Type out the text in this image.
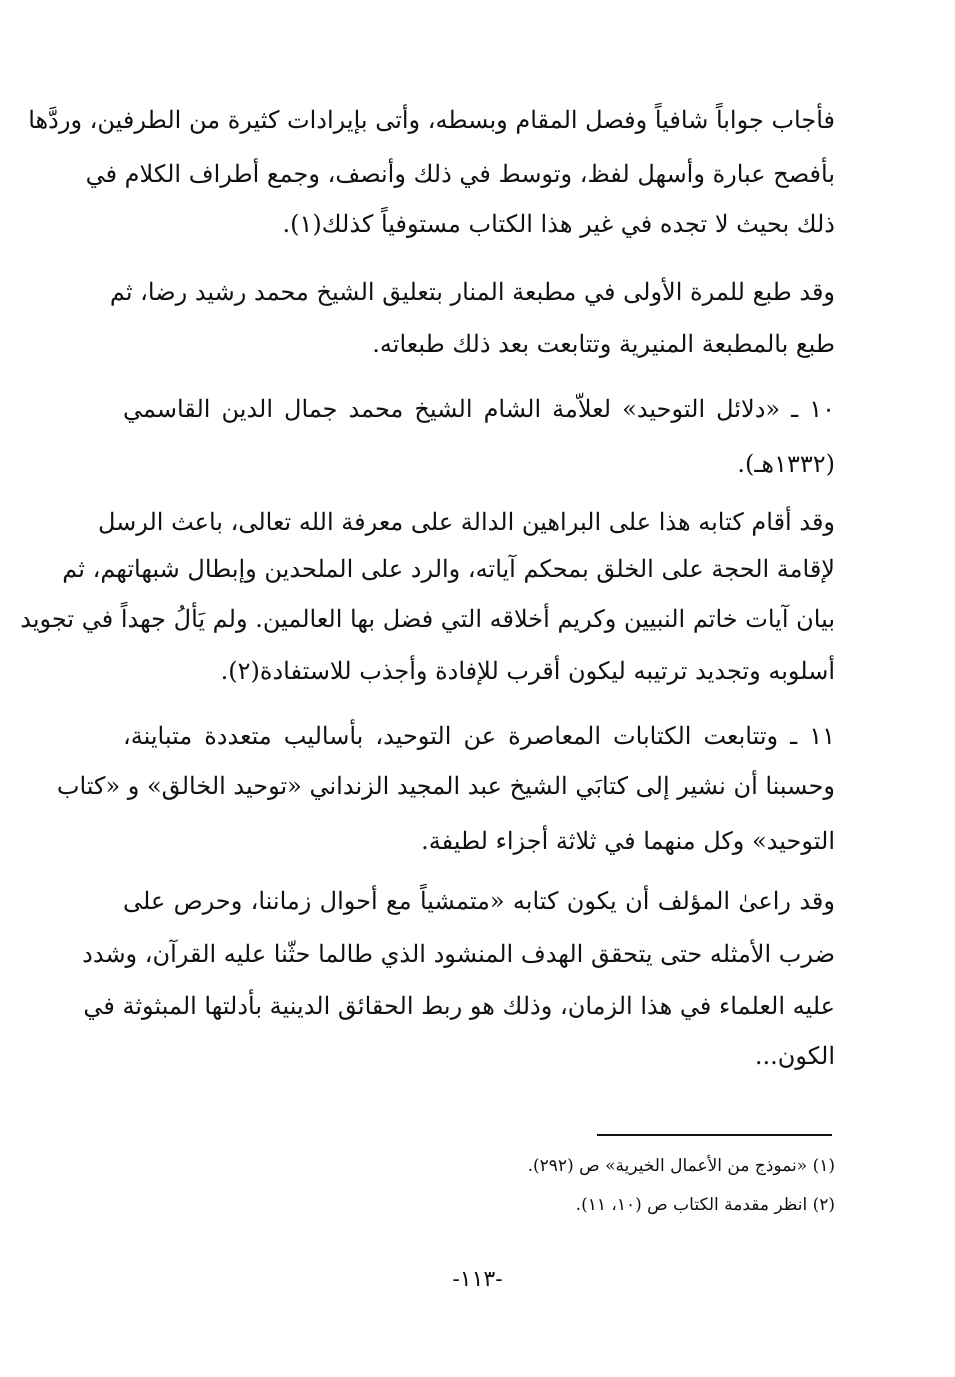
فأجاب جواباً شافياً وفصل المقام وبسطه، وأتى بإيرادات كثيرة من الطرفين، وردَّها
بأفصح عبارة وأسهل لفظ، وتوسط في ذلك وأنصف، وجمع أطراف الكلام في
ذلك بحيث لا تجده في غير هذا الكتاب مستوفياً كذلك(١).
وقد طبع للمرة الأولى في مطبعة المنار بتعليق الشيخ محمد رشيد رضا، ثم
طبع بالمطبعة المنيرية وتتابعت بعد ذلك طبعاته.
١٠ ـ «دلائل التوحيد» لعلاّمة الشام الشيخ محمد جمال الدين القاسمي
(١٣٣٢هـ).
وقد أقام كتابه هذا على البراهين الدالة على معرفة الله تعالى، باعث الرسل
لإقامة الحجة على الخلق بمحكم آياته، والرد على الملحدين وإبطال شبهاتهم، ثم
بيان آيات خاتم النبيين وكريم أخلاقه التي فضل بها العالمين. ولم يَألُ جهداً في تجويد
أسلوبه وتجديد ترتيبه ليكون أقرب للإفادة وأجذب للاستفادة(٢).
١١ ـ وتتابعت الكتابات المعاصرة عن التوحيد، بأساليب متعددة متباينة،
وحسبنا أن نشير إلى كتابَي الشيخ عبد المجيد الزنداني «توحيد الخالق» و «كتاب
التوحيد» وكل منهما في ثلاثة أجزاء لطيفة.
وقد راعىٰ المؤلف أن يكون كتابه «متمشياً مع أحوال زماننا، وحرص على
ضرب الأمثله حتى يتحقق الهدف المنشود الذي طالما حثّنا عليه القرآن، وشدد
عليه العلماء في هذا الزمان، وذلك هو ربط الحقائق الدينية بأدلتها المبثوثة في
الكون...
(١) «نموذج من الأعمال الخيرية» ص (٢٩٢).
(٢) انظر مقدمة الكتاب ص (١٠، ١١).
-١١٣-
